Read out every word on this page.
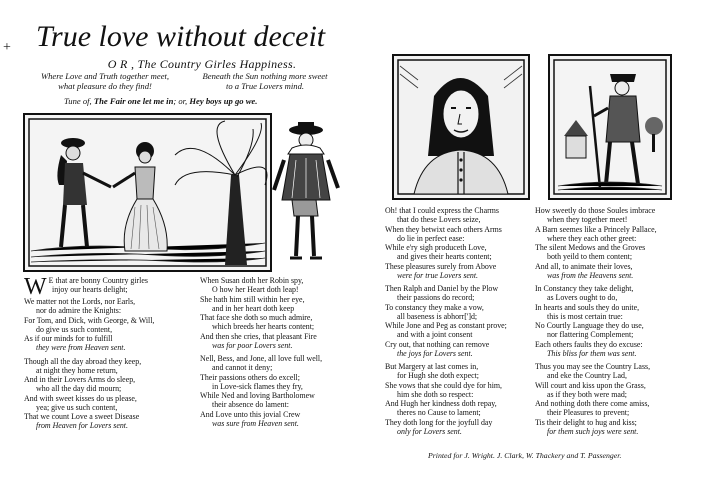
+ True love without deceit
O R , The Country Girles Happiness.
Where Love and Truth together meet,
what pleasure do they find!
Beneath the Sun nothing more sweet
to a True Lovers mind.
Tune of, The Fair one let me in; or, Hey boys up go we.
W E that are bonny Country girles
injoy our hearts delight;
We matter not the Lords, nor Earls,
nor do admire the Knights:
For Tom, and Dick, with George, & Will,
do give us such content,
As if our minds for to fulfill
they were from Heaven sent.
Though all the day abroad they keep,
at night they home return,
And in their Lovers Arms do sleep,
who all the day did mourn;
And with sweet kisses do us please,
yea; give us such content,
That we count Love a sweet Disease
from Heaven for Lovers sent.
When Susan doth her Robin spy,
O how her Heart doth leap!
She hath him still within her eye,
and in her heart doth keep
That face she doth so much admire,
which breeds her hearts content;
And then she cries, that pleasant Fire
was for poor Lovers sent.
Nell, Bess, and Jone, all love full well,
and cannot it deny;
Their passions others do excell;
in Love-sick flames they fry,
While Ned and loving Bartholomew
their absence do lament:
And Love unto this jovial Crew
was sure from Heaven sent.
Oh! that I could express the Charms
that do these Lovers seize,
When they betwixt each others Arms
do lie in perfect ease:
While e'ry sigh produceth Love,
and gives their hearts content;
These pleasures surely from Above
were for true Lovers sent.
Then Ralph and Daniel by the Plow
their passions do record;
To constancy they make a vow,
all baseness is abhorr[']d;
While Jone and Peg as constant prove;
and with a joint consent
Cry out, that nothing can remove
the joys for Lovers sent.
But Margery at last comes in,
for Hugh she doth expect;
She vows that she could dye for him,
him she doth so respect:
And Hugh her kindness doth repay,
theres no Cause to lament;
They doth long for the joyfull day
only for Lovers sent.
How sweetly do those Soules imbrace
when they together meet!
A Barn seemes like a Princely Pallace,
where they each other greet:
The silent Medows and the Groves
both yeild to them content;
And all, to animate their loves,
was from the Heavens sent.
In Constancy they take delight,
as Lovers ought to do,
In hearts and souls they do unite,
this is most certain true:
No Courtly Language they do use,
nor flattering Complement;
Each others faults they do excuse:
This bliss for them was sent.
Thus you may see the Country Lass,
and eke the Country Lad,
Will court and kiss upon the Grass,
as if they both were mad;
And nothing doth there come amiss,
their Pleasures to prevent;
Tis their delight to hug and kiss;
for them such joys were sent.
Printed for J. Wright. J. Clark, W. Thackery and T. Passenger.
